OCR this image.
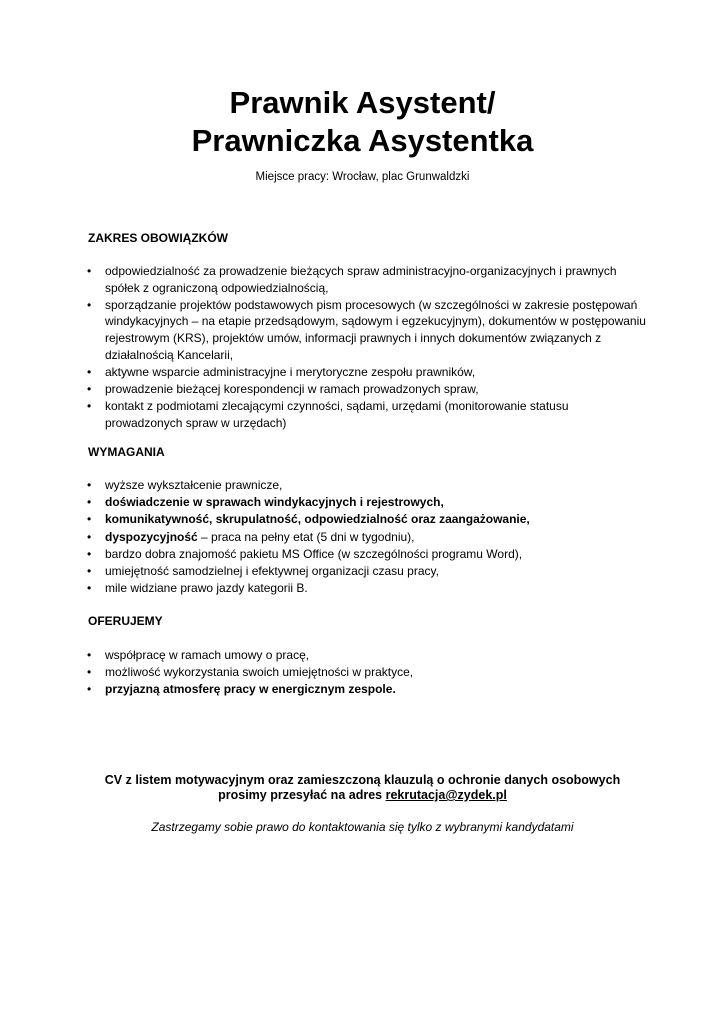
Prawnik Asystent/
Prawniczka Asystentka
Miejsce pracy: Wrocław, plac Grunwaldzki
ZAKRES OBOWIĄZKÓW
• odpowiedzialność za prowadzenie bieżących spraw administracyjno-organizacyjnych i prawnych spółek z ograniczoną odpowiedzialnością,
• sporządzanie projektów podstawowych pism procesowych (w szczególności w zakresie postępowań windykacyjnych – na etapie przedsądowym, sądowym i egzekucyjnym), dokumentów w postępowaniu rejestrowym (KRS), projektów umów, informacji prawnych i innych dokumentów związanych z działalnością Kancelarii,
• aktywne wsparcie administracyjne i merytoryczne zespołu prawników,
• prowadzenie bieżącej korespondencji w ramach prowadzonych spraw,
• kontakt z podmiotami zlecającymi czynności, sądami, urzędami (monitorowanie statusu prowadzonych spraw w urzędach)
WYMAGANIA
• wyższe wykształcenie prawnicze,
• doświadczenie w sprawach windykacyjnych i rejestrowych,
• komunikatywność, skrupulatność, odpowiedzialność oraz zaangażowanie,
• dyspozycyjność – praca na pełny etat (5 dni w tygodniu),
• bardzo dobra znajomość pakietu MS Office (w szczególności programu Word),
• umiejętność samodzielnej i efektywnej organizacji czasu pracy,
• mile widziane prawo jazdy kategorii B.
OFERUJEMY
• współpracę w ramach umowy o pracę,
• możliwość wykorzystania swoich umiejętności w praktyce,
• przyjazną atmosferę pracy w energicznym zespole.
CV z listem motywacyjnym oraz zamieszczoną klauzulą o ochronie danych osobowych
prosimy przesyłać na adres rekrutacja@zydek.pl
Zastrzegamy sobie prawo do kontaktowania się tylko z wybranymi kandydatami
